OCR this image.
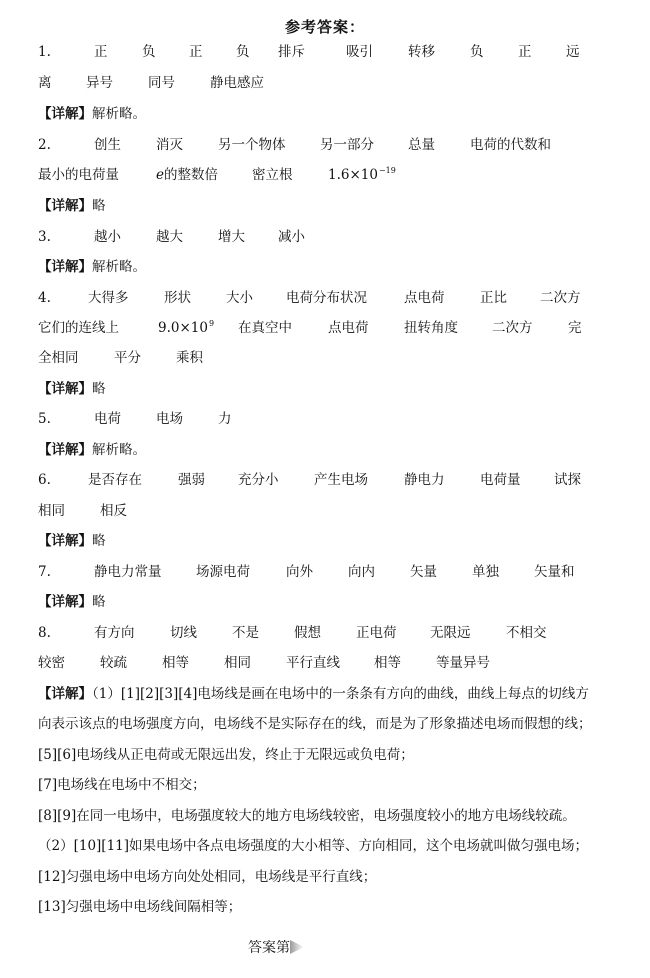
参考答案：
1.	正	负 正 负 排斥	吸引	转移	负	正	远
离	异号	同号	静电感应
【详解】解析略。
2.	创生	消灭	另一个物体	另一部分	总量	电荷的代数和
最小的电荷量	e的整数倍	密立根	$1.6\times 10^{-19}$
【详解】略
3.	越小	越大	增大 减小
【详解】解析略。
4.	大得多	形状	大小 电荷分布状况	点电荷	正比 二次方
它们的连线上	$9.0\times 10^9$ 在真空中	点电荷	扭转角度	二次方	完
全相同	平分	乘积
【详解】略
5.	电荷	电场	力
【详解】解析略。
6.	是否存在	强弱 充分小	产生电场	静电力	电荷量 试探
相同	相反
【详解】略
7.	静电力常量	场源电荷	向外	向内	矢量	单独	矢量和
【详解】略
8.	有方向	切线	不是	假想	正电荷 无限远	不相交
较密	较疏	相等	相同	平行直线	相等	等量异号
【详解】（1）[1][2][3][4]电场线是画在电场中的一条条有方向的曲线，曲线上每点的切线方
向表示该点的电场强度方向，电场线不是实际存在的线，而是为了形象描述电场而假想的线；
[5][6]电场线从正电荷或无限远出发，终止于无限远或负电荷；
[7]电场线在电场中不相交；
[8][9]在同一电场中，电场强度较大的地方电场线较密，电场强度较小的地方电场线较疏。
（2）[10][11]如果电场中各点电场强度的大小相等、方向相同，这个电场就叫做匀强电场；
[12]匀强电场中电场方向处处相同，电场线是平行直线；
[13]匀强电场中电场线间隔相等；
答案第
